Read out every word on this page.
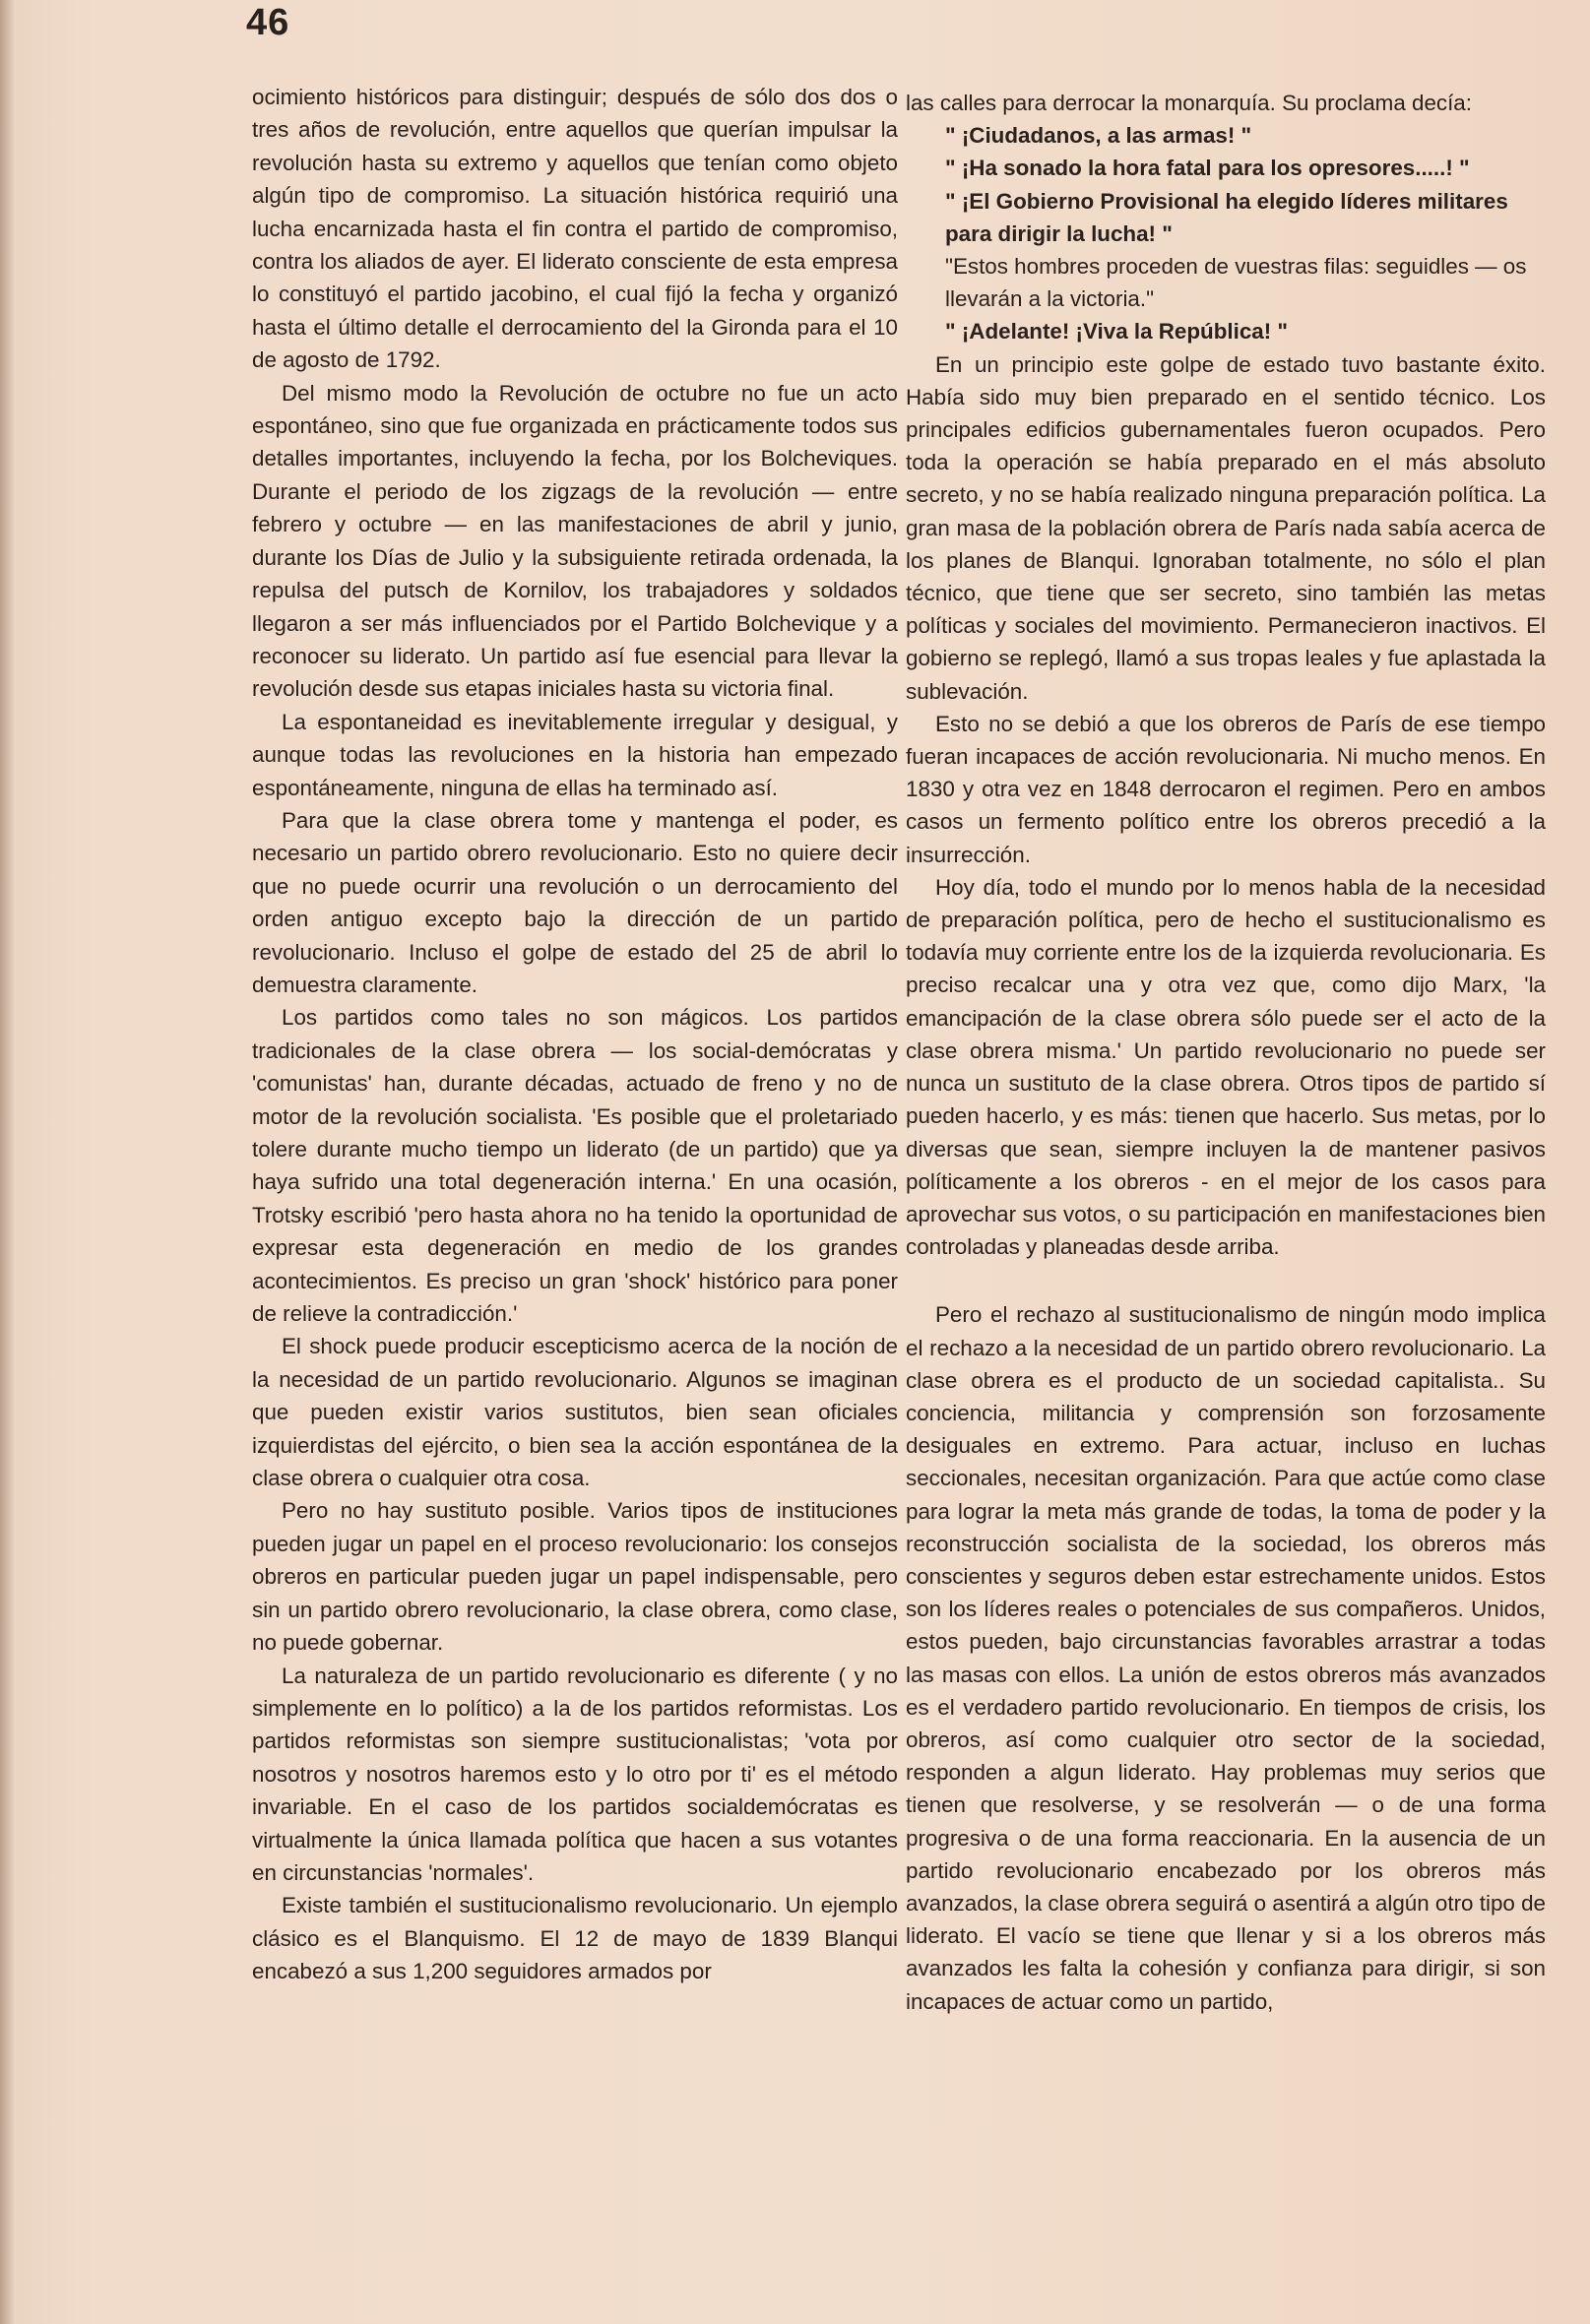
46

ocimiento históricos para distinguir; después de sólo dos dos o tres años de revolución, entre aquellos que querían impulsar la revolución hasta su extremo y aquellos que tenían como objeto algún tipo de compromiso. La situación histórica requirió una lucha encarnizada hasta el fin contra el partido de compromiso, contra los aliados de ayer. El liderato consciente de esta empresa lo constituyó el partido jacobino, el cual fijó la fecha y organizó hasta el último detalle el derrocamiento del la Gironda para el 10 de agosto de 1792.

Del mismo modo la Revolución de octubre no fue un acto espontáneo, sino que fue organizada en prácticamente todos sus detalles importantes, incluyendo la fecha, por los Bolcheviques. Durante el periodo de los zigzags de la revolución — entre febrero y octubre — en las manifestaciones de abril y junio, durante los Días de Julio y la subsiguiente retirada ordenada, la repulsa del putsch de Kornilov, los trabajadores y soldados llegaron a ser más influenciados por el Partido Bolchevique y a reconocer su liderato. Un partido así fue esencial para llevar la revolución desde sus etapas iniciales hasta su victoria final.

La espontaneidad es inevitablemente irregular y desigual, y aunque todas las revoluciones en la historia han empezado espontáneamente, ninguna de ellas ha terminado así.

Para que la clase obrera tome y mantenga el poder, es necesario un partido obrero revolucionario. Esto no quiere decir que no puede ocurrir una revolución o un derrocamiento del orden antiguo excepto bajo la dirección de un partido revolucionario. Incluso el golpe de estado del 25 de abril lo demuestra claramente.

Los partidos como tales no son mágicos. Los partidos tradicionales de la clase obrera — los social-demócratas y 'comunistas' han, durante décadas, actuado de freno y no de motor de la revolución socialista. 'Es posible que el proletariado tolere durante mucho tiempo un liderato (de un partido) que ya haya sufrido una total degeneración interna.' En una ocasión, Trotsky escribió 'pero hasta ahora no ha tenido la oportunidad de expresar esta degeneración en medio de los grandes acontecimientos. Es preciso un gran 'shock' histórico para poner de relieve la contradicción.'

El shock puede producir escepticismo acerca de la noción de la necesidad de un partido revolucionario. Algunos se imaginan que pueden existir varios sustitutos, bien sean oficiales izquierdistas del ejército, o bien sea la acción espontánea de la clase obrera o cualquier otra cosa.

Pero no hay sustituto posible. Varios tipos de instituciones pueden jugar un papel en el proceso revolucionario: los consejos obreros en particular pueden jugar un papel indispensable, pero sin un partido obrero revolucionario, la clase obrera, como clase, no puede gobernar.

La naturaleza de un partido revolucionario es diferente ( y no simplemente en lo político) a la de los partidos reformistas. Los partidos reformistas son siempre sustitucionalistas; 'vota por nosotros y nosotros haremos esto y lo otro por ti' es el método invariable. En el caso de los partidos socialdemócratas es virtualmente la única llamada política que hacen a sus votantes en circunstancias 'normales'.

Existe también el sustitucionalismo revolucionario. Un ejemplo clásico es el Blanquismo. El 12 de mayo de 1839 Blanqui encabezó a sus 1,200 seguidores armados por

las calles para derrocar la monarquía. Su proclama decía:

" ¡Ciudadanos, a las armas! "

" ¡Ha sonado la hora fatal para los opresores.....! "

" ¡El Gobierno Provisional ha elegido líderes militares para dirigir la lucha! "

"Estos hombres proceden de vuestras filas: seguidles — os llevarán a la victoria."

" ¡Adelante! ¡Viva la República! "

En un principio este golpe de estado tuvo bastante éxito. Había sido muy bien preparado en el sentido técnico. Los principales edificios gubernamentales fueron ocupados. Pero toda la operación se había preparado en el más absoluto secreto, y no se había realizado ninguna preparación política. La gran masa de la población obrera de París nada sabía acerca de los planes de Blanqui. Ignoraban totalmente, no sólo el plan técnico, que tiene que ser secreto, sino también las metas políticas y sociales del movimiento. Permanecieron inactivos. El gobierno se replegó, llamó a sus tropas leales y fue aplastada la sublevación.

Esto no se debió a que los obreros de París de ese tiempo fueran incapaces de acción revolucionaria. Ni mucho menos. En 1830 y otra vez en 1848 derrocaron el regimen. Pero en ambos casos un fermento político entre los obreros precedió a la insurrección.

Hoy día, todo el mundo por lo menos habla de la necesidad de preparación política, pero de hecho el sustitucionalismo es todavía muy corriente entre los de la izquierda revolucionaria. Es preciso recalcar una y otra vez que, como dijo Marx, 'la emancipación de la clase obrera sólo puede ser el acto de la clase obrera misma.' Un partido revolucionario no puede ser nunca un sustituto de la clase obrera. Otros tipos de partido sí pueden hacerlo, y es más: tienen que hacerlo. Sus metas, por lo diversas que sean, siempre incluyen la de mantener pasivos políticamente a los obreros - en el mejor de los casos para aprovechar sus votos, o su participación en manifestaciones bien controladas y planeadas desde arriba.

Pero el rechazo al sustitucionalismo de ningún modo implica el rechazo a la necesidad de un partido obrero revolucionario. La clase obrera es el producto de un sociedad capitalista.. Su conciencia, militancia y comprensión son forzosamente desiguales en extremo. Para actuar, incluso en luchas seccionales, necesitan organización. Para que actúe como clase para lograr la meta más grande de todas, la toma de poder y la reconstrucción socialista de la sociedad, los obreros más conscientes y seguros deben estar estrechamente unidos. Estos son los líderes reales o potenciales de sus compañeros. Unidos, estos pueden, bajo circunstancias favorables arrastrar a todas las masas con ellos. La unión de estos obreros más avanzados es el verdadero partido revolucionario. En tiempos de crisis, los obreros, así como cualquier otro sector de la sociedad, responden a algun liderato. Hay problemas muy serios que tienen que resolverse, y se resolverán — o de una forma progresiva o de una forma reaccionaria. En la ausencia de un partido revolucionario encabezado por los obreros más avanzados, la clase obrera seguirá o asentirá a algún otro tipo de liderato. El vacío se tiene que llenar y si a los obreros más avanzados les falta la cohesión y confianza para dirigir, si son incapaces de actuar como un partido,
